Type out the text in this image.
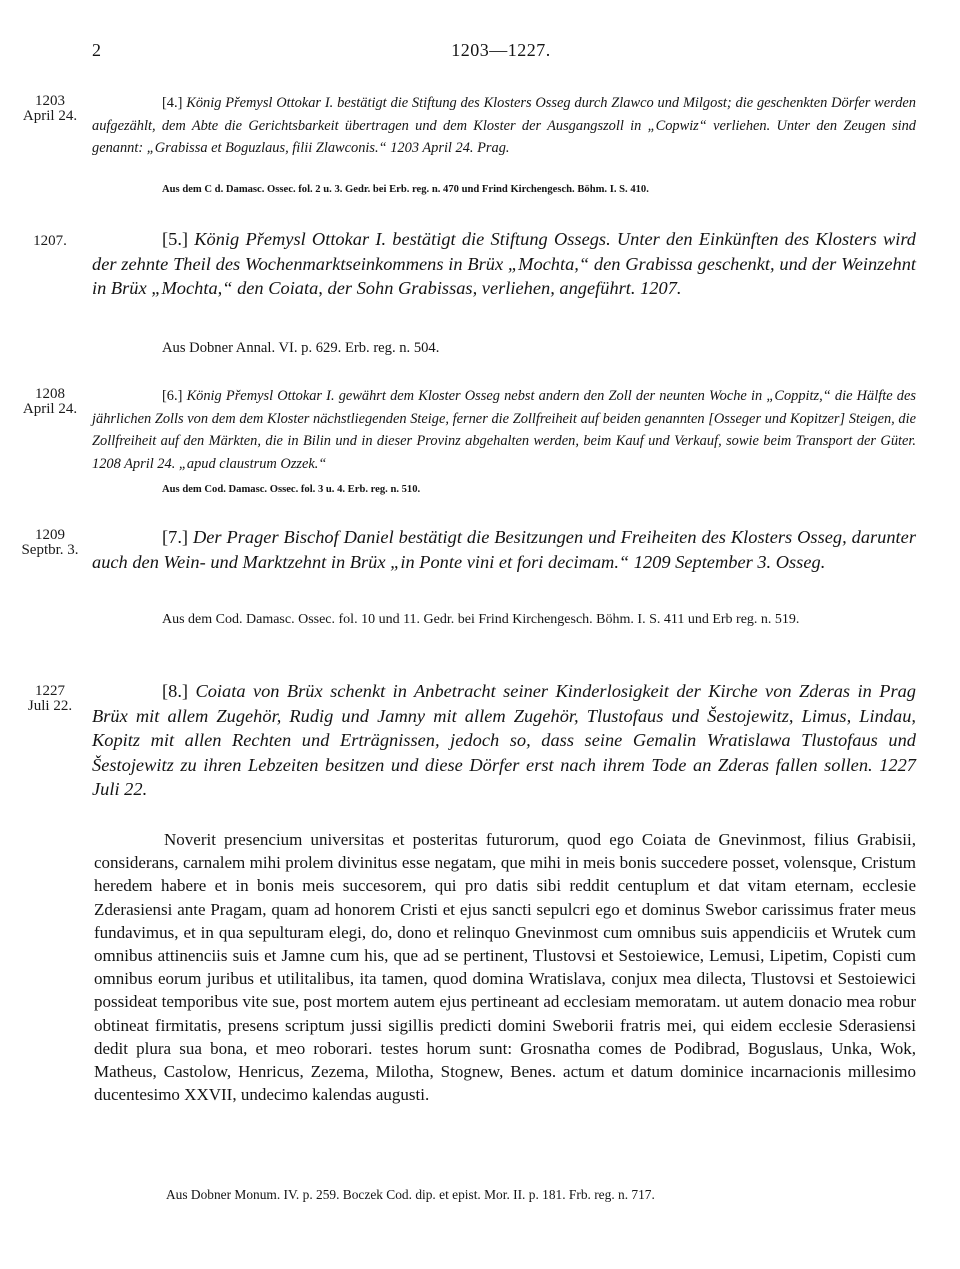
2	1203—1227.
1203
April 24.

[4.] König Přemysl Ottokar I. bestätigt die Stiftung des Klosters Osseg durch Zlawco und Milgost; die geschenkten Dörfer werden aufgezählt, dem Abte die Gerichtsbarkeit übertragen und dem Kloster der Ausgangszoll in „Copwiz“ verliehen. Unter den Zeugen sind genannt: „Grabissa et Boguzlaus, filii Zlawconis.“ 1203 April 24. Prag.

Aus dem C d. Damasc. Ossec. fol. 2 u. 3. Gedr. bei Erb. reg. n. 470 und Frind Kirchengesch. Böhm. I. S. 410.

1207.	[5.] König Přemysl Ottokar I. bestätigt die Stiftung Ossegs. Unter den Einkünften des Klosters wird der zehnte Theil des Wochenmarktseinkommens in Brüx „Mochta,“ den Grabissa geschenkt, und der Weinzehnt in Brüx „Mochta,“ den Coiata, der Sohn Grabissas, verliehen, angeführt. 1207.

Aus Dobner Annal. VI. p. 629. Erb. reg. n. 504.

1208
April 24.

[6.] König Přemysl Ottokar I. gewährt dem Kloster Osseg nebst andern den Zoll der neunten Woche in „Coppitz,“ die Hälfte des jährlichen Zolls von dem dem Kloster nächstliegenden Steige, ferner die Zollfreiheit auf beiden genannten [Osseger und Kopitzer] Steigen, die Zollfreiheit auf den Märkten, die in Bilin und in dieser Provinz abgehalten werden, beim Kauf und Verkauf, sowie beim Transport der Güter. 1208 April 24. „apud claustrum Ozzek.“

Aus dem Cod. Damasc. Ossec. fol. 3 u. 4. Erb. reg. n. 510.

1209
Septbr. 3.

[7.] Der Prager Bischof Daniel bestätigt die Besitzungen und Freiheiten des Klosters Osseg, darunter auch den Wein- und Marktzehnt in Brüx „in Ponte vini et fori decimam.“ 1209 September 3. Osseg.

Aus dem Cod. Damasc. Ossec. fol. 10 und 11. Gedr. bei Frind Kirchengesch. Böhm. I. S. 411 und Erb reg. n. 519.

1227
Juli 22.

[8.] Coiata von Brüx schenkt in Anbetracht seiner Kinderlosigkeit der Kirche von Zderas in Prag Brüx mit allem Zugehör, Rudig und Jamny mit allem Zugehör, Tlustofaus und Šestojewitz, Limus, Lindau, Kopitz mit allen Rechten und Erträgnissen, jedoch so, dass seine Gemalin Wratislawa Tlustofaus und Šestojewitz zu ihren Lebzeiten besitzen und diese Dörfer erst nach ihrem Tode an Zderas fallen sollen. 1227 Juli 22.

Noverit presencium universitas et posteritas futurorum, quod ego Coiata de Gnevinmost, filius Grabisii, considerans, carnalem mihi prolem divinitus esse negatam, que mihi in meis bonis succedere posset, volensque, Cristum heredem habere et in bonis meis succesorem, qui pro datis sibi reddit centuplum et dat vitam eternam, ecclesie Zderasiensi ante Pragam, quam ad honorem Cristi et ejus sancti sepulcri ego et dominus Swebor carissimus frater meus fundavimus, et in qua sepulturam elegi, do, dono et relinquo Gnevinmost cum omnibus suis appendiciis et Wrutek cum omnibus attinenciis suis et Jamne cum his, que ad se pertinent, Tlustovsi et Sestoiewice, Lemusi, Lipetim, Copisti cum omnibus eorum juribus et utilitalibus, ita tamen, quod domina Wratislava, conjux mea dilecta, Tlustovsi et Sestoiewici possideat temporibus vite sue, post mortem autem ejus pertineant ad ecclesiam memoratam. ut autem donacio mea robur obtineat firmitatis, presens scriptum jussi sigillis predicti domini Sweborii fratris mei, qui eidem ecclesie Sderasiensi dedit plura sua bona, et meo roborari. testes horum sunt: Grosnatha comes de Podibrad, Boguslaus, Unka, Wok, Matheus, Castolow, Henricus, Zezema, Milotha, Stognew, Benes. actum et datum dominice incarnacionis millesimo ducentesimo XXVII, undecimo kalendas augusti.

Aus Dobner Monum. IV. p. 259. Boczek Cod. dip. et epist. Mor. II. p. 181. Frb. reg. n. 717.
